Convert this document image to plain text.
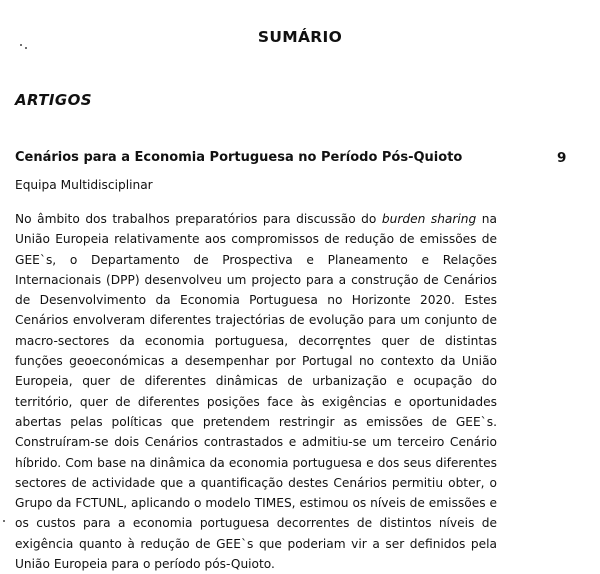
SUMÁRIO
ARTIGOS
Cenários para a Economia Portuguesa no Período Pós-Quioto	9
Equipa Multidisciplinar

No âmbito dos trabalhos preparatórios para discussão do burden sharing na União Europeia relativamente aos compromissos de redução de emissões de GEE`s, o Departamento de Prospectiva e Planeamento e Relações Internacionais (DPP) desenvolveu um projecto para a construção de Cenários de Desenvolvimento da Economia Portuguesa no Horizonte 2020. Estes Cenários envolveram diferentes trajectórias de evolução para um conjunto de macro-sectores da economia portuguesa, decorrentes quer de distintas funções geoeconómicas a desempenhar por Portugal no contexto da União Europeia, quer de diferentes dinâmicas de urbanização e ocupação do território, quer de diferentes posições face às exigências e oportunidades abertas pelas políticas que pretendem restringir as emissões de GEE`s. Construíram-se dois Cenários contrastados e admitiu-se um terceiro Cenário híbrido. Com base na dinâmica da economia portuguesa e dos seus diferentes sectores de actividade que a quantificação destes Cenários permitiu obter, o Grupo da FCTUNL, aplicando o modelo TIMES, estimou os níveis de emissões e os custos para a economia portuguesa decorrentes de distintos níveis de exigência quanto à redução de GEE`s que poderiam vir a ser definidos pela União Europeia para o período pós-Quioto.
